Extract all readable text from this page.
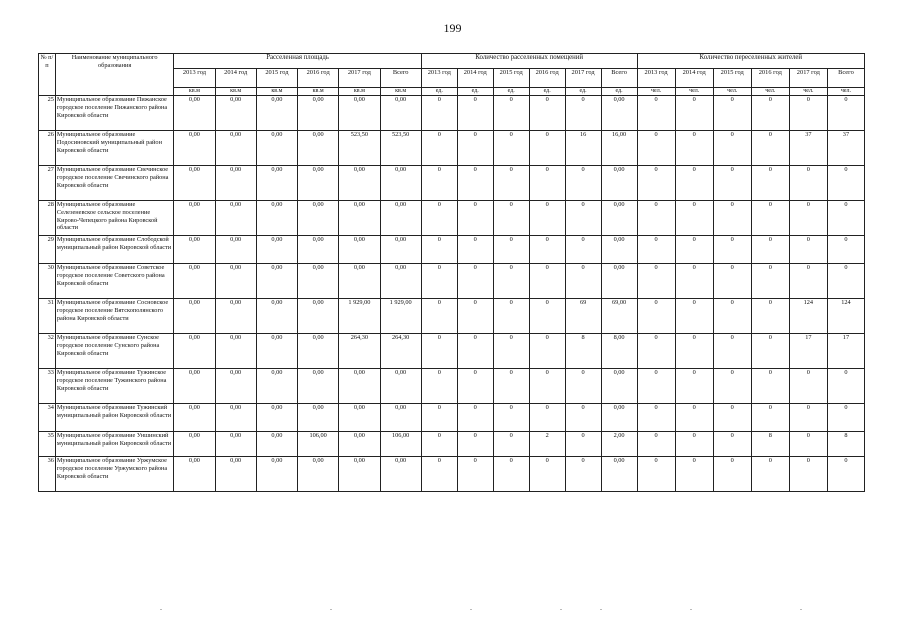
199
№ п/п	Наименование муниципального образования	Расселенная площадь						Количество расселенных помещений						Количество переселенных жителей					
		2013 год	2014 год	2015 год	2016 год	2017 год	Всего	2013 год	2014 год	2015 год	2016 год	2017 год	Всего	2013 год	2014 год	2015 год	2016 год	2017 год	Всего
		кв.м	кв.м	кв.м	кв.м	кв.м	кв.м	ед.	ед.	ед.	ед.	ед.	ед.	чел.	чел.	чел.	чел.	чел.	чел.
25	Муниципальное образование Пижанское городское поселение Пижанского района Кировской области	0,00	0,00	0,00	0,00	0,00	0,00	0	0	0	0	0	0,00	0	0	0	0	0	0
26	Муниципальное образование Подосиновский муниципальный район Кировской области	0,00	0,00	0,00	0,00	523,50	523,50	0	0	0	0	16	16,00	0	0	0	0	37	37
27	Муниципальное образование Свечинское городское поселение Свечинского района Кировской области	0,00	0,00	0,00	0,00	0,00	0,00	0	0	0	0	0	0,00	0	0	0	0	0	0
28	Муниципальное образование Селезеневское сельское поселение Кирово-Чепецкого района Кировской области	0,00	0,00	0,00	0,00	0,00	0,00	0	0	0	0	0	0,00	0	0	0	0	0	0
29	Муниципальное образование Слободской муниципальный район Кировской области	0,00	0,00	0,00	0,00	0,00	0,00	0	0	0	0	0	0,00	0	0	0	0	0	0
30	Муниципальное образование Советское городское поселение Советского района Кировской области	0,00	0,00	0,00	0,00	0,00	0,00	0	0	0	0	0	0,00	0	0	0	0	0	0
31	Муниципальное образование Сосновское городское поселение Вятскополянского района Кировской области	0,00	0,00	0,00	0,00	1 929,00	1 929,00	0	0	0	0	69	69,00	0	0	0	0	124	124
32	Муниципальное образование Сунское городское поселение Сунского района Кировской области	0,00	0,00	0,00	0,00	264,30	264,30	0	0	0	0	8	8,00	0	0	0	0	17	17
33	Муниципальное образование Тужинское городское поселение Тужинского района Кировской области	0,00	0,00	0,00	0,00	0,00	0,00	0	0	0	0	0	0,00	0	0	0	0	0	0
34	Муниципальное образование Тужинский муниципальный район Кировской области	0,00	0,00	0,00	0,00	0,00	0,00	0	0	0	0	0	0,00	0	0	0	0	0	0
35	Муниципальное образование Уншинский муниципальный район Кировской области	0,00	0,00	0,00	106,00	0,00	106,00	0	0	0	2	0	2,00	0	0	0	8	0	8
36	Муниципальное образование Уржумское городское поселение Уржумского района Кировской области	0,00	0,00	0,00	0,00	0,00	0,00	0	0	0	0	0	0,00	0	0	0	0	0	0
